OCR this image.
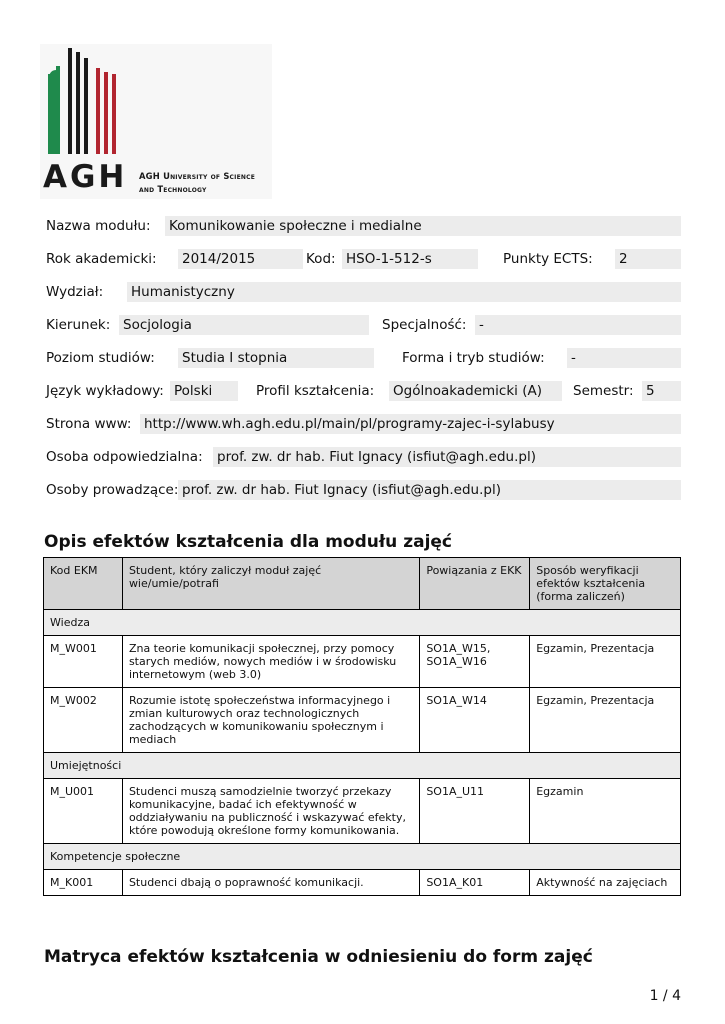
AGH AGH University of Science
and Technology
Nazwa modułu: Komunikowanie społeczne i medialne
Rok akademicki: 2014/2015	Kod: HSO-1-512-s	Punkty ECTS: 2
Wydział: Humanistyczny
Kierunek: Socjologia	Specjalność: -
Poziom studiów: Studia I stopnia	Forma i tryb studiów: -
Język wykładowy: Polski	Profil kształcenia: Ogólnoakademicki (A)	Semestr: 5
Strona www: http://www.wh.agh.edu.pl/main/pl/programy-zajec-i-sylabusy
Osoba odpowiedzialna: prof. zw. dr hab. Fiut Ignacy (isfiut@agh.edu.pl)
Osoby prowadzące: prof. zw. dr hab. Fiut Ignacy (isfiut@agh.edu.pl)
Opis efektów kształcenia dla modułu zajęć
Kod EKM	Student, który zaliczył moduł zajęć wie/umie/potrafi	Powiązania z EKK	Sposób weryfikacji efektów kształcenia (forma zaliczeń)
Wiedza			
M_W001	Zna teorie komunikacji społecznej, przy pomocy starych mediów, nowych mediów i w środowisku internetowym (web 3.0)	SO1A_W15, SO1A_W16	Egzamin, Prezentacja
M_W002	Rozumie istotę społeczeństwa informacyjnego i zmian kulturowych oraz technologicznych zachodzących w komunikowaniu społecznym i mediach	SO1A_W14	Egzamin, Prezentacja
Umiejętności			
M_U001	Studenci muszą samodzielnie tworzyć przekazy komunikacyjne, badać ich efektywność w oddziaływaniu na publiczność i wskazywać efekty, które powodują określone formy komunikowania.	SO1A_U11	Egzamin
Kompetencje społeczne			
M_K001	Studenci dbają o poprawność komunikacji.	SO1A_K01	Aktywność na zajęciach
Matryca efektów kształcenia w odniesieniu do form zajęć
1 / 4
